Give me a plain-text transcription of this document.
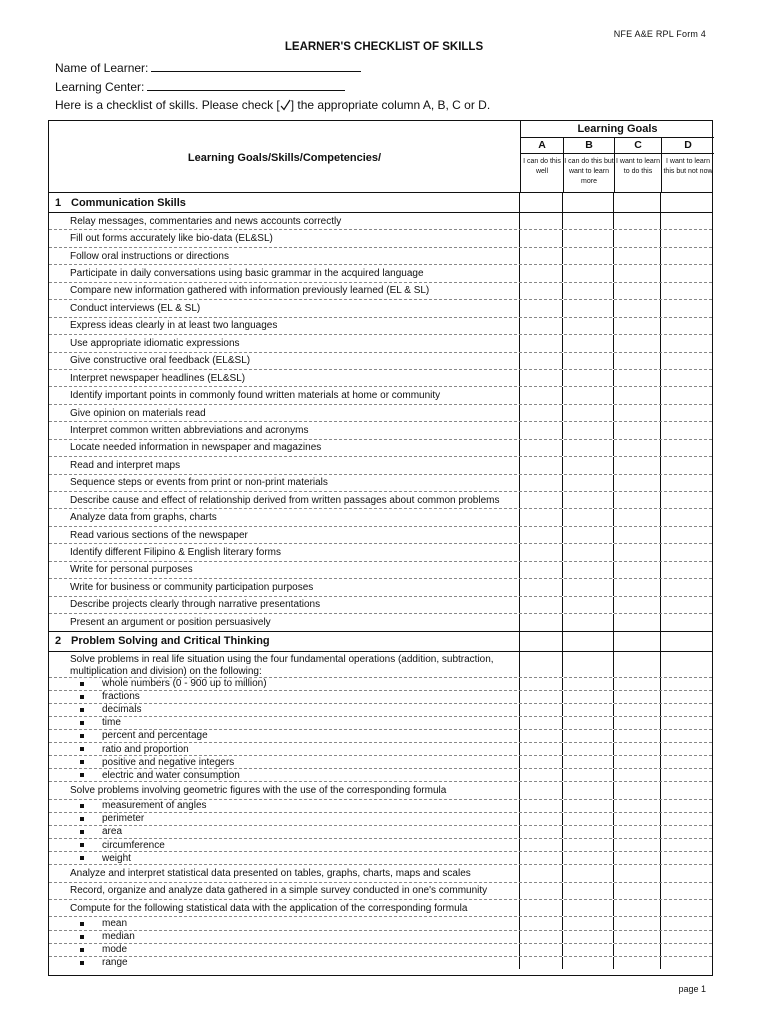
NFE A&E RPL Form 4
LEARNER'S CHECKLIST OF SKILLS
Name of Learner:
Learning Center:
Here is a checklist of skills. Please check [ ] the appropriate column A, B, C or D.
Learning Goals/Skills/Competencies/
Learning Goals
A	B	C	D
I can do this well
I can do this but want to learn more
I want to learn to do this
I want to learn this but not now
1 Communication Skills
Relay messages, commentaries and news accounts correctly
Fill out forms accurately like bio-data (EL&SL)
Follow oral instructions or directions
Participate in daily conversations using basic grammar in the acquired language
Compare new information gathered with information previously learned (EL & SL)
Conduct interviews (EL & SL)
Express ideas clearly in at least two languages
Use appropriate idiomatic expressions
Give constructive oral feedback (EL&SL)
Interpret newspaper headlines (EL&SL)
Identify important points in commonly found written materials at home or community
Give opinion on materials read
Interpret common written abbreviations and acronyms
Locate needed information in newspaper and magazines
Read and interpret maps
Sequence steps or events from print or non-print materials
Describe cause and effect of relationship derived from written passages about common problems
Analyze data from graphs, charts
Read various sections of the newspaper
Identify different Filipino & English literary forms
Write for personal purposes
Write for business or community participation purposes
Describe projects clearly through narrative presentations
Present an argument or position persuasively
2 Problem Solving and Critical Thinking
Solve problems in real life situation using the four fundamental operations (addition, subtraction, multiplication and division) on the following:
whole numbers (0 - 900 up to million)
fractions
decimals
time
percent and percentage
ratio and proportion
positive and negative integers
electric and water consumption
Solve problems involving geometric figures with the use of the corresponding formula
measurement of angles
perimeter
area
circumference
weight
Analyze and interpret statistical data presented on tables, graphs, charts, maps and scales
Record, organize and analyze data gathered in a simple survey conducted in one's community
Compute for the following statistical data with the application of the corresponding formula
mean
median
mode
range
page 1
